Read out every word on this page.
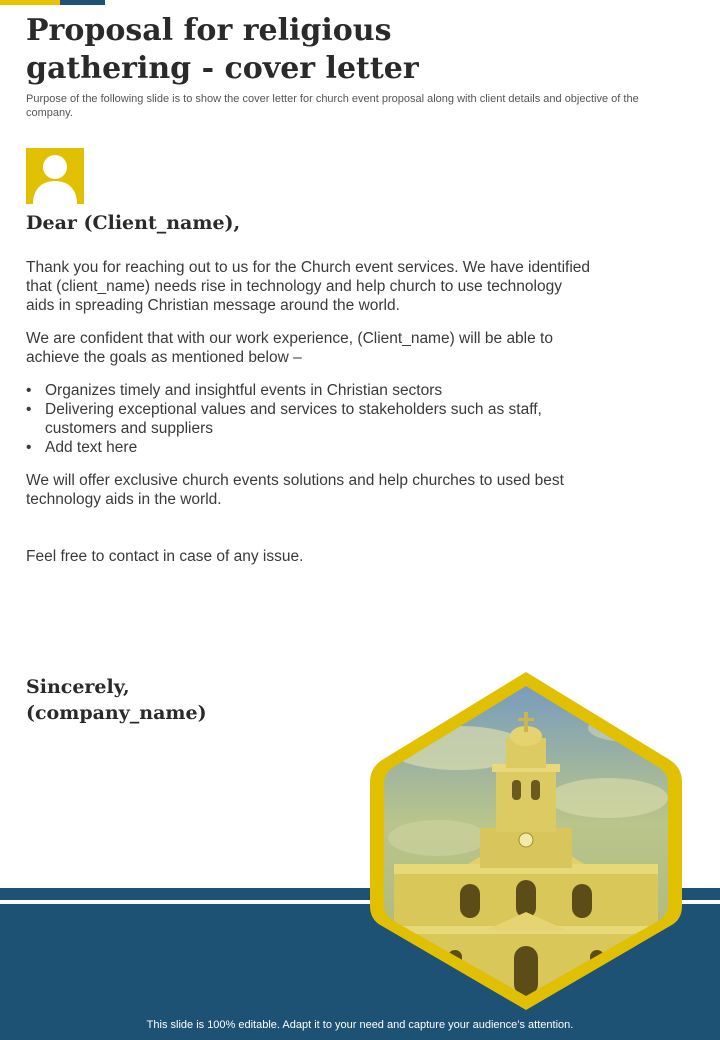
Proposal for religious gathering - cover letter

Purpose of the following slide is to show the cover letter for church event proposal along with client details and objective of the company.

Dear (Client_name),

Thank you for reaching out to us for the Church event services. We have identified that (client_name) needs rise in technology and help church to use technology aids in spreading Christian message around the world.

We are confident that with our work experience, (Client_name) will be able to achieve the goals as mentioned below –

• Organizes timely and insightful events in Christian sectors
• Delivering exceptional values and services to stakeholders such as staff, customers and suppliers
• Add text here

We will offer exclusive church events solutions and help churches to used best technology aids in the world.

Feel free to contact in case of any issue.

Sincerely,
(company_name)
This slide is 100% editable. Adapt it to your need and capture your audience’s attention.
